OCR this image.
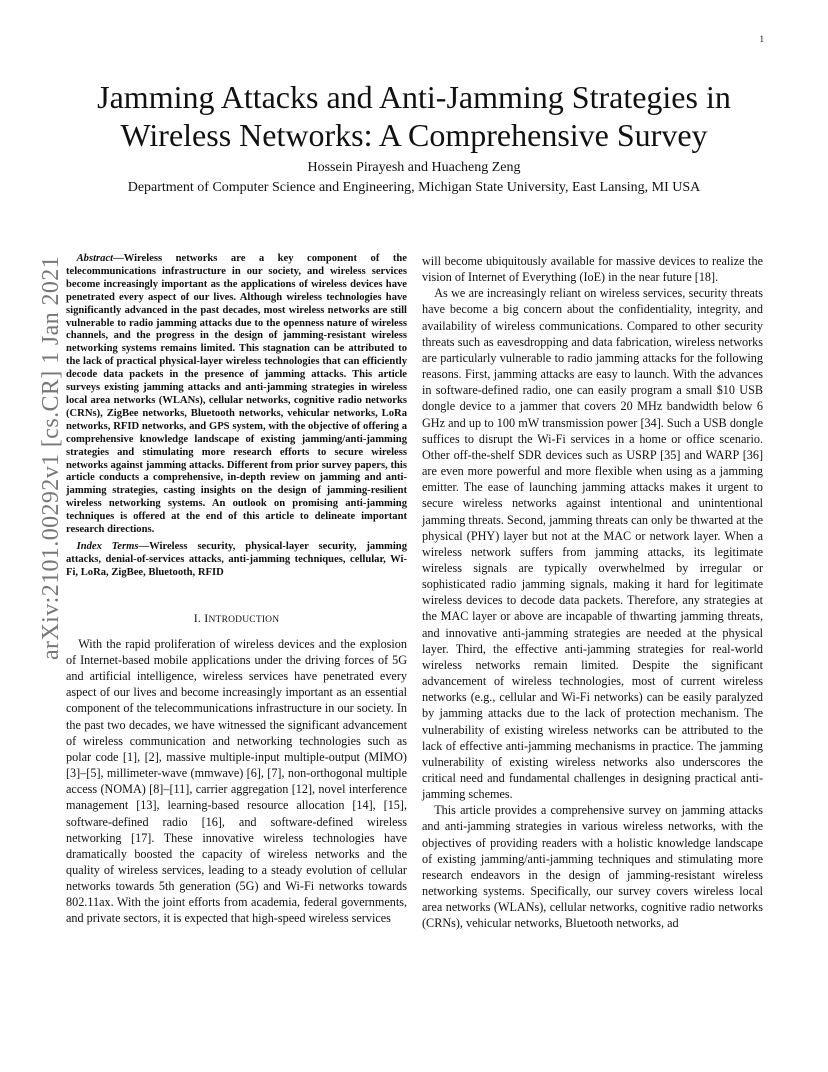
1
arXiv:2101.00292v1 [cs.CR] 1 Jan 2021
Jamming Attacks and Anti-Jamming Strategies in Wireless Networks: A Comprehensive Survey
Hossein Pirayesh and Huacheng Zeng
Department of Computer Science and Engineering, Michigan State University, East Lansing, MI USA

Abstract—Wireless networks are a key component of the telecommunications infrastructure in our society, and wireless services become increasingly important as the applications of wireless devices have penetrated every aspect of our lives. Although wireless technologies have significantly advanced in the past decades, most wireless networks are still vulnerable to radio jamming attacks due to the openness nature of wireless channels, and the progress in the design of jamming-resistant wireless networking systems remains limited. This stagnation can be attributed to the lack of practical physical-layer wireless technologies that can efficiently decode data packets in the presence of jamming attacks. This article surveys existing jamming attacks and anti-jamming strategies in wireless local area networks (WLANs), cellular networks, cognitive radio networks (CRNs), ZigBee networks, Bluetooth networks, vehicular networks, LoRa networks, RFID networks, and GPS system, with the objective of offering a comprehensive knowledge landscape of existing jamming/anti-jamming strategies and stimulating more research efforts to secure wireless networks against jamming attacks. Different from prior survey papers, this article conducts a comprehensive, in-depth review on jamming and anti-jamming strategies, casting insights on the design of jamming-resilient wireless networking systems. An outlook on promising anti-jamming techniques is offered at the end of this article to delineate important research directions.

Index Terms—Wireless security, physical-layer security, jamming attacks, denial-of-services attacks, anti-jamming techniques, cellular, Wi-Fi, LoRa, ZigBee, Bluetooth, RFID

I. INTRODUCTION

With the rapid proliferation of wireless devices and the explosion of Internet-based mobile applications under the driving forces of 5G and artificial intelligence, wireless services have penetrated every aspect of our lives and become increasingly important as an essential component of the telecommunications infrastructure in our society. In the past two decades, we have witnessed the significant advancement of wireless communication and networking technologies such as polar code [1], [2], massive multiple-input multiple-output (MIMO) [3]–[5], millimeter-wave (mmwave) [6], [7], non-orthogonal multiple access (NOMA) [8]–[11], carrier aggregation [12], novel interference management [13], learning-based resource allocation [14], [15], software-defined radio [16], and software-defined wireless networking [17]. These innovative wireless technologies have dramatically boosted the capacity of wireless networks and the quality of wireless services, leading to a steady evolution of cellular networks towards 5th generation (5G) and Wi-Fi networks towards 802.11ax. With the joint efforts from academia, federal governments, and private sectors, it is expected that high-speed wireless services

will become ubiquitously available for massive devices to realize the vision of Internet of Everything (IoE) in the near future [18].

As we are increasingly reliant on wireless services, security threats have become a big concern about the confidentiality, integrity, and availability of wireless communications. Compared to other security threats such as eavesdropping and data fabrication, wireless networks are particularly vulnerable to radio jamming attacks for the following reasons. First, jamming attacks are easy to launch. With the advances in software-defined radio, one can easily program a small $10 USB dongle device to a jammer that covers 20 MHz bandwidth below 6 GHz and up to 100 mW transmission power [34]. Such a USB dongle suffices to disrupt the Wi-Fi services in a home or office scenario. Other off-the-shelf SDR devices such as USRP [35] and WARP [36] are even more powerful and more flexible when using as a jamming emitter. The ease of launching jamming attacks makes it urgent to secure wireless networks against intentional and unintentional jamming threats. Second, jamming threats can only be thwarted at the physical (PHY) layer but not at the MAC or network layer. When a wireless network suffers from jamming attacks, its legitimate wireless signals are typically overwhelmed by irregular or sophisticated radio jamming signals, making it hard for legitimate wireless devices to decode data packets. Therefore, any strategies at the MAC layer or above are incapable of thwarting jamming threats, and innovative anti-jamming strategies are needed at the physical layer. Third, the effective anti-jamming strategies for real-world wireless networks remain limited. Despite the significant advancement of wireless technologies, most of current wireless networks (e.g., cellular and Wi-Fi networks) can be easily paralyzed by jamming attacks due to the lack of protection mechanism. The vulnerability of existing wireless networks can be attributed to the lack of effective anti-jamming mechanisms in practice. The jamming vulnerability of existing wireless networks also underscores the critical need and fundamental challenges in designing practical anti-jamming schemes.

This article provides a comprehensive survey on jamming attacks and anti-jamming strategies in various wireless networks, with the objectives of providing readers with a holistic knowledge landscape of existing jamming/anti-jamming techniques and stimulating more research endeavors in the design of jamming-resistant wireless networking systems. Specifically, our survey covers wireless local area networks (WLANs), cellular networks, cognitive radio networks (CRNs), vehicular networks, Bluetooth networks, ad
